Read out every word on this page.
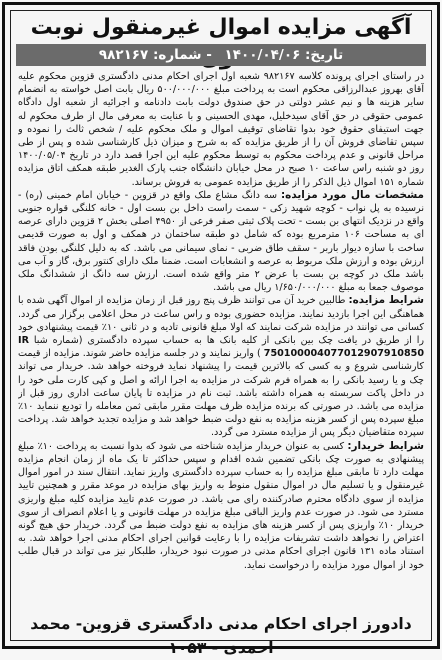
آگهی مزایده اموال غیرمنقول نوبت
تاریخ: ۱۴۰۰/۰۴/۰۶ - شماره: ۹۸۲۱۶۷

در راستای اجرای پرونده کلاسه ۹۸۲۱۶۷ شعبه اول اجرای احکام مدنی دادگستری قزوین محکوم علیه آقای بهروز عبدالرزاقی محکوم است به پرداخت مبلغ ۵۰۰/۰۰۰/۰۰۰ ریال بابت اصل خواسته به انضمام سایر هزینه ها و نیم عشر دولتی در حق صندوق دولت بابت دادنامه و اجرائیه از شعبه اول دادگاه عمومی حقوقی در حق آقای سیدخلیل، مهدی الحسینی و با عنایت به معرفی مال از طرف محکوم له جهت استیفای حقوق خود بدوا تقاضای توقیف اموال و ملک محکوم علیه / شخص ثالث را نموده و سپس تقاضای فروش آن را از طریق مزایده که به شرح و میزان ذیل کارشناسی شده و پس از طی مراحل قانونی و عدم پرداخت محکوم به توسط محکوم علیه این اجرا قصد دارد در تاریخ ۱۴۰۰/۰۵/۰۴ روز دو شنبه راس ساعت ۱۰ صبح در محل خیابان دانشگاه جنب پارک الغدیر طبقه همکف اتاق مزایده شماره ۱۵۱ اموال ذیل الذکر را از طریق مزایده عمومی به فروش برساند.

مشخصات مال مورد مزایده: سه دانگ مشاع ملک واقع در قزوین - خیابان امام خمینی (ره) - نرسیده به پل نواب - کوچه شهید زکی - سمت راست داخل بن بست اول - خانه کلنگی قواره جنوبی واقع در نزدیک انتهای بن بست - تحت پلاک ثبتی صفر فرعی از ۴۹۵۰ اصلی بخش ۲ قزوین دارای عرصه ای به مساحت ۱۰۶ مترمربع بوده که شامل دو طبقه ساختمان در همکف و اول به صورت قدیمی ساخت با سازه دیوار باربر - سقف طاق ضربی - نمای سیمانی می باشد. که به دلیل کلنگی بودن فاقد ارزش بوده و ارزش ملک مربوط به عرصه و انشعابات است. ضمنا ملک دارای کنتور برق، گاز و آب می باشد ملک در کوچه بن بست با عرض ۲ متر واقع شده است. ارزش سه دانگ از ششدانگ ملک موصوف جمعا به مبلغ ۱/۶۵۰/۰۰۰/۰۰۰ ریال می باشد.

شرایط مزایده: طالبین خرید آن می توانند ظرف پنج روز قبل از زمان مزایده از اموال آگهی شده با هماهنگی این اجرا بازدید نمایند. مزایده حضوری بوده و راس ساعت در محل اعلامی برگزار می گردد. کسانی می توانند در مزایده شرکت نمایند که اولا مبلغ قانونی تادیه و در ثانی ۱۰٪ قیمت پیشنهادی خود را از طریق در یافت چک بین بانکی از کلیه بانک ها به حساب سپرده دادگستری (شماره شبا IR 750100004077012907910850 ) واریز نمایند و در جلسه مزایده حاضر شوند. مزایده از قیمت کارشناسی شروع و به کسی که بالاترین قیمت را پیشنهاد نماید فروخته خواهد شد. خریدار می تواند چک و یا رسید بانکی را به همراه فرم شرکت در مزایده به اجرا ارائه و اصل و کپی کارت ملی خود را در داخل پاکت سربسته به همراه داشته باشد. ثبت نام در مزایده تا پایان ساعت اداری روز قبل از مزایده می باشد. در صورتی که برنده مزایده ظرف مهلت مقرر مابقی ثمن معامله را تودیع ننماید ۱۰٪ مبلغ سپرده پس از کسر هزینه مزایده به نفع دولت ضبط خواهد شد و مزایده تجدید خواهد شد. پرداخت سپرده متقاضیان دیگر پس از مزایده مسترد می گردد.

شرایط خریدار: کسی به عنوان خریدار مزایده شناخته می شود که بدوا نسبت به پرداخت ۱۰٪ مبلغ پیشنهادی به صورت چک بانکی تضمین شده اقدام و سپس حداکثر تا یک ماه از زمان انجام مزایده مهلت دارد تا مابقی مبلغ مزایده را به حساب سپرده دادگستری واریز نماید. انتقال سند در امور اموال غیرمنقول و یا تسلیم مال در اموال منقول منوط به واریز بهای مزایده در موعد مقرر و همچنین تایید مزایده از سوی دادگاه محترم صادرکننده رای می باشد. در صورت عدم تایید مزایده کلیه مبلغ واریزی مسترد می شود. در صورت عدم واریز الباقی مبلغ مزایده در مهلت قانونی و یا اعلام انصراف از سوی خریدار ۱۰٪ واریزی پس از کسر هزینه های مزایده به نفع دولت ضبط می گردد. خریدار حق هیچ گونه اعتراض را نخواهد داشت تشریفات مزایده را با رعایت قوانین اجرای احکام مدنی اجرا خواهد شد. به استناد ماده ۱۳۱ قانون اجرای احکام مدنی در صورت نبود خریدار، طلبکار نیز می تواند در قبال طلب خود از اموال مورد مزایده را درخواست نماید.

دادورز اجرای احکام مدنی دادگستری قزوین- محمد احمدی - ۱۰۵۳
